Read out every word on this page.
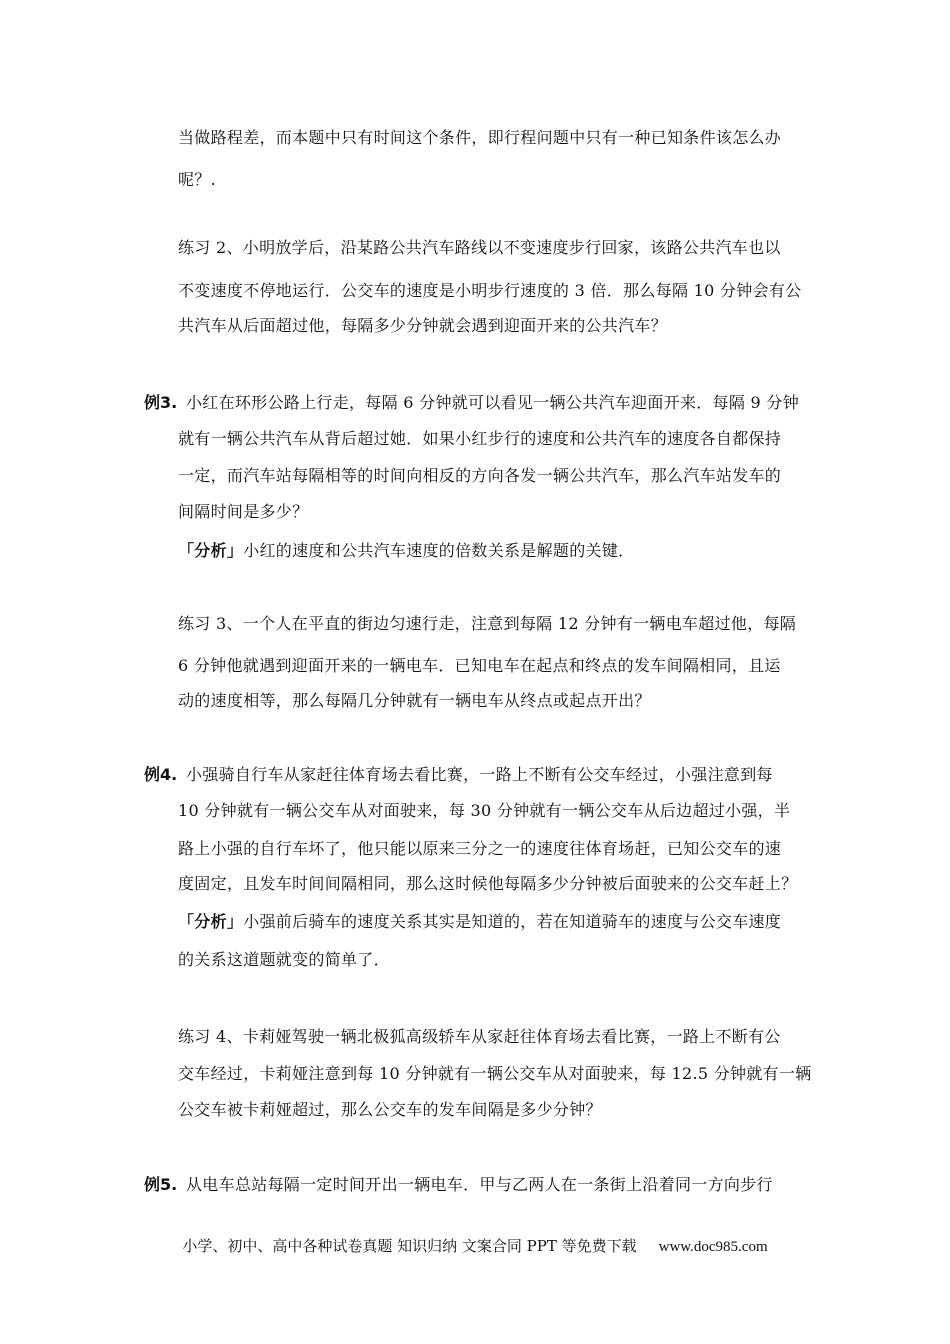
当做路程差，而本题中只有时间这个条件，即行程问题中只有一种已知条件该怎么办
呢？.
练习 2、小明放学后，沿某路公共汽车路线以不变速度步行回家，该路公共汽车也以
不变速度不停地运行．公交车的速度是小明步行速度的 3 倍．那么每隔 10 分钟会有公
共汽车从后面超过他，每隔多少分钟就会遇到迎面开来的公共汽车？
例3. 小红在环形公路上行走，每隔 6 分钟就可以看见一辆公共汽车迎面开来．每隔 9 分钟
就有一辆公共汽车从背后超过她．如果小红步行的速度和公共汽车的速度各自都保持
一定，而汽车站每隔相等的时间向相反的方向各发一辆公共汽车，那么汽车站发车的
间隔时间是多少？
「分析」小红的速度和公共汽车速度的倍数关系是解题的关键．
练习 3、一个人在平直的街边匀速行走，注意到每隔 12 分钟有一辆电车超过他，每隔
6 分钟他就遇到迎面开来的一辆电车．已知电车在起点和终点的发车间隔相同，且运
动的速度相等，那么每隔几分钟就有一辆电车从终点或起点开出？
例4. 小强骑自行车从家赶往体育场去看比赛，一路上不断有公交车经过，小强注意到每
10 分钟就有一辆公交车从对面驶来，每 30 分钟就有一辆公交车从后边超过小强，半
路上小强的自行车坏了，他只能以原来三分之一的速度往体育场赶，已知公交车的速
度固定，且发车时间间隔相同，那么这时候他每隔多少分钟被后面驶来的公交车赶上？
「分析」小强前后骑车的速度关系其实是知道的，若在知道骑车的速度与公交车速度
的关系这道题就变的简单了．
练习 4、卡莉娅驾驶一辆北极狐高级轿车从家赶往体育场去看比赛，一路上不断有公
交车经过，卡莉娅注意到每 10 分钟就有一辆公交车从对面驶来，每 12.5 分钟就有一辆
公交车被卡莉娅超过，那么公交车的发车间隔是多少分钟？
例5. 从电车总站每隔一定时间开出一辆电车．甲与乙两人在一条街上沿着同一方向步行
小学、初中、高中各种试卷真题 知识归纳 文案合同 PPT 等免费下载 www.doc985.com
